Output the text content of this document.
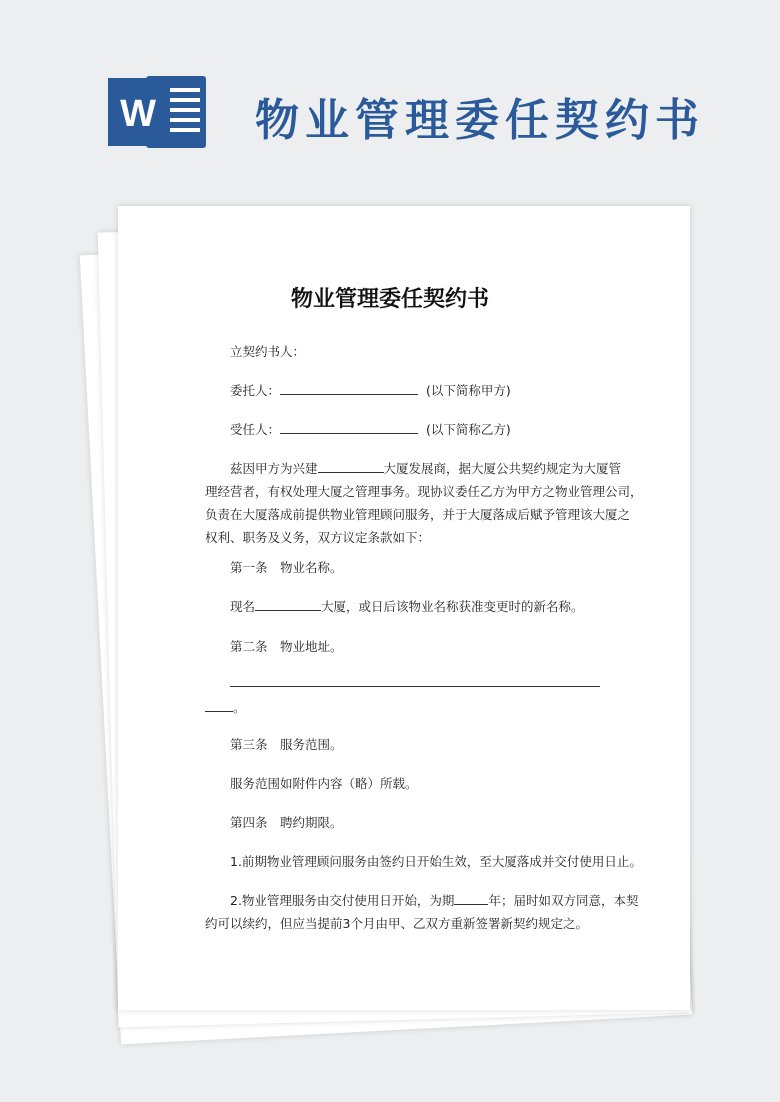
W 物业管理委任契约书
物业管理委任契约书
立契约书人：
委托人：	(以下简称甲方)
受任人：	(以下简称乙方)
兹因甲方为兴建	大厦发展商，据大厦公共契约规定为大厦管
理经营者，有权处理大厦之管理事务。现协议委任乙方为甲方之物业管理公司，
负责在大厦落成前提供物业管理顾问服务，并于大厦落成后赋予管理该大厦之
权利、职务及义务，双方议定条款如下：
第一条　物业名称。
现名	大厦，或日后该物业名称获准变更时的新名称。
第二条　物业地址。
。
第三条　服务范围。
服务范围如附件内容（略）所载。
第四条　聘约期限。
1.前期物业管理顾问服务由签约日开始生效，至大厦落成并交付使用日止。
2.物业管理服务由交付使用日开始，为期	年；届时如双方同意，本契
约可以续约，但应当提前3个月由甲、乙双方重新签署新契约规定之。
